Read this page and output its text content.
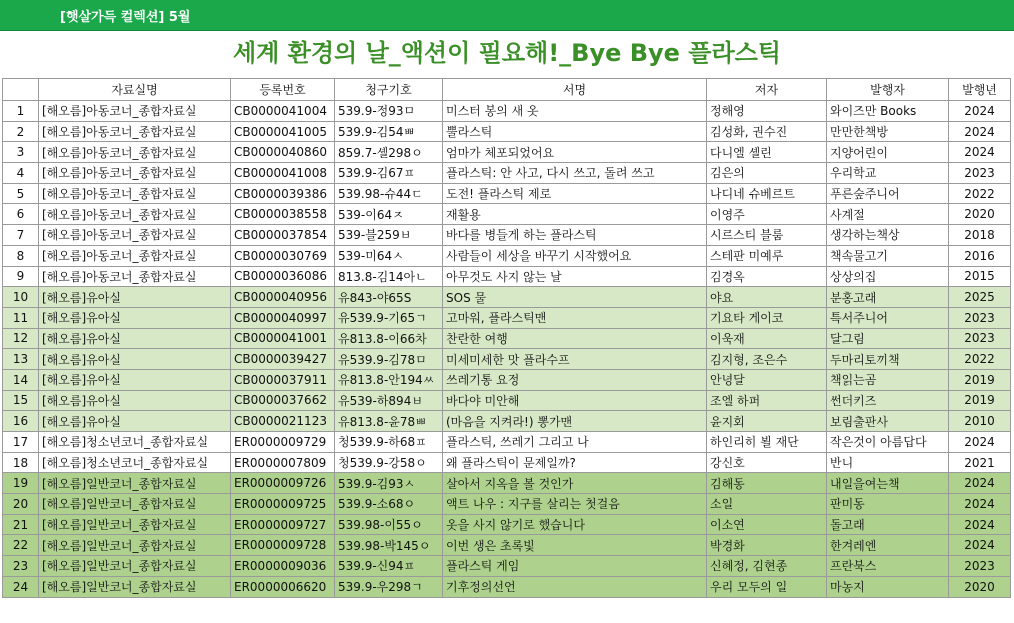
[햇살가득 컬렉션] 5월
세계 환경의 날_액션이 필요해!_Bye Bye 플라스틱
	자료실명	등록번호	청구기호	서명	저자	발행자	발행년
1	[해오름]아동코너_종합자료실	CB0000041004	539.9-정93ㅁ	미스터 봉의 새 옷	정해영	와이즈만 Books	2024
2	[해오름]아동코너_종합자료실	CB0000041005	539.9-김54ㅃ	뿔라스틱	김성화, 권수진	만만한책방	2024
3	[해오름]아동코너_종합자료실	CB0000040860	859.7-셸298ㅇ	엄마가 체포되었어요	다니엘 셸린	지양어린이	2024
4	[해오름]아동코너_종합자료실	CB0000041008	539.9-김67ㅍ	플라스틱: 안 사고, 다시 쓰고, 돌려 쓰고	김은의	우리학교	2023
5	[해오름]아동코너_종합자료실	CB0000039386	539.98-슈44ㄷ	도전! 플라스틱 제로	나디네 슈베르트	푸른숲주니어	2022
6	[해오름]아동코너_종합자료실	CB0000038558	539-이64ㅈ	재활용	이영주	사계절	2020
7	[해오름]아동코너_종합자료실	CB0000037854	539-블259ㅂ	바다를 병들게 하는 플라스틱	시르스티 블룸	생각하는책상	2018
8	[해오름]아동코너_종합자료실	CB0000030769	539-미64ㅅ	사람들이 세상을 바꾸기 시작했어요	스테판 미예루	책속물고기	2016
9	[해오름]아동코너_종합자료실	CB0000036086	813.8-김14아ㄴ	아무것도 사지 않는 날	김경옥	상상의집	2015
10	[해오름]유아실	CB0000040956	유843-야65S	SOS 물	야요	분홍고래	2025
11	[해오름]유아실	CB0000040997	유539.9-기65ㄱ	고마워, 플라스틱맨	기요타 게이코	특서주니어	2023
12	[해오름]유아실	CB0000041001	유813.8-이66차	찬란한 여행	이욱재	달그림	2023
13	[해오름]유아실	CB0000039427	유539.9-김78ㅁ	미세미세한 맛 플라수프	김지형, 조은수	두마리토끼책	2022
14	[해오름]유아실	CB0000037911	유813.8-안194ㅆ	쓰레기통 요정	안녕달	책읽는곰	2019
15	[해오름]유아실	CB0000037662	유539-하894ㅂ	바다야 미안해	조엘 하퍼	썬더키즈	2019
16	[해오름]유아실	CB0000021123	유813.8-윤78ㅃ	(마음을 지켜라!) 뽕가맨	윤지회	보림출판사	2010
17	[해오름]청소년코너_종합자료실	ER0000009729	청539.9-하68ㅍ	플라스틱, 쓰레기 그리고 나	하인리히 뵐 재단	작은것이 아름답다	2024
18	[해오름]청소년코너_종합자료실	ER0000007809	청539.9-강58ㅇ	왜 플라스틱이 문제일까?	강신호	반니	2021
19	[해오름]일반코너_종합자료실	ER0000009726	539.9-김93ㅅ	살아서 지옥을 볼 것인가	김해동	내일을여는책	2024
20	[해오름]일반코너_종합자료실	ER0000009725	539.9-소68ㅇ	액트 나우 : 지구를 살리는 첫걸음	소일	판미동	2024
21	[해오름]일반코너_종합자료실	ER0000009727	539.98-이55ㅇ	옷을 사지 않기로 했습니다	이소연	돌고래	2024
22	[해오름]일반코너_종합자료실	ER0000009728	539.98-박145ㅇ	이번 생은 초록빛	박경화	한겨레엔	2024
23	[해오름]일반코너_종합자료실	ER0000009036	539.9-신94ㅍ	플라스틱 게임	신혜정, 김현종	프란북스	2023
24	[해오름]일반코너_종합자료실	ER0000006620	539.9-우298ㄱ	기후정의선언	우리 모두의 일	마농지	2020
